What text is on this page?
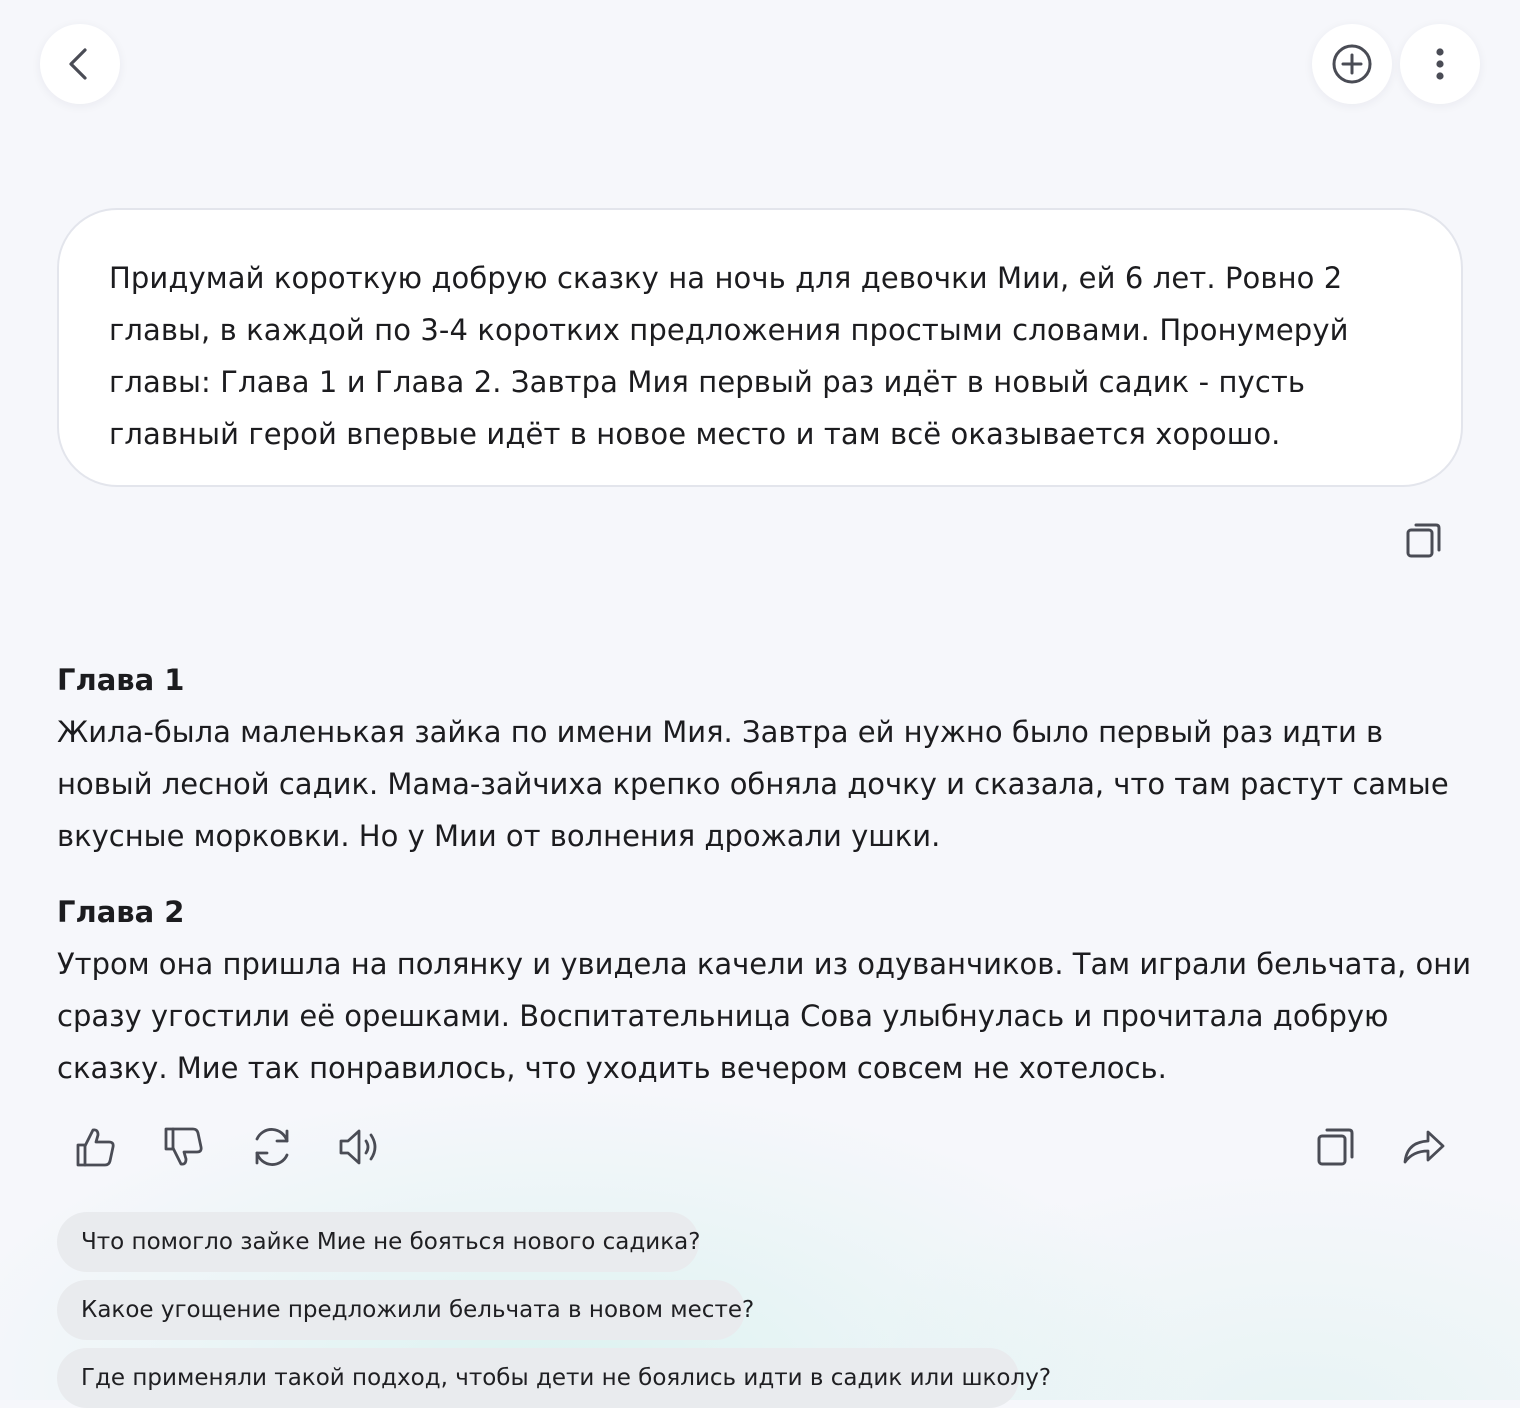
Придумай короткую добрую сказку на ночь для девочки Мии, ей 6 лет. Ровно 2 главы, в каждой по 3-4 коротких предложения простыми словами. Пронумеруй главы: Глава 1 и Глава 2. Завтра Мия первый раз идёт в новый садик - пусть главный герой впервые идёт в новое место и там всё оказывается хорошо.
Глава 1

Жила-была маленькая зайка по имени Мия. Завтра ей нужно было первый раз идти в новый лесной садик. Мама-зайчиха крепко обняла дочку и сказала, что там растут самые вкусные морковки. Но у Мии от волнения дрожали ушки.

Глава 2

Утром она пришла на полянку и увидела качели из одуванчиков. Там играли бельчата, они сразу угостили её орешками. Воспитательница Сова улыбнулась и прочитала добрую сказку. Мие так понравилось, что уходить вечером совсем не хотелось.

Что помогло зайке Мие не бояться нового садика?
Какое угощение предложили бельчата в новом месте?
Где применяли такой подход, чтобы дети не боялись идти в садик или школу?
